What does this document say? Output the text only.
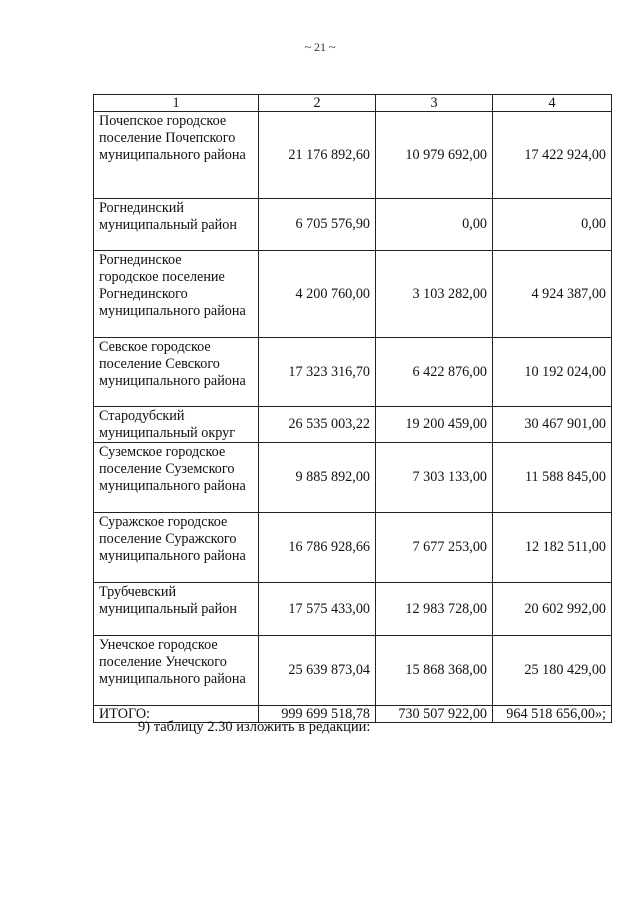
~ 21 ~
1	2	3	4

Почепское городское
поселение Почепского
муниципального района	21 176 892,60	10 979 692,00	17 422 924,00

Рогнединский
муниципальный район	6 705 576,90	0,00	0,00

Рогнединское
городское поселение
Рогнединского
муниципального района	4 200 760,00	3 103 282,00	4 924 387,00

Севское городское
поселение Севского
муниципального района	17 323 316,70	6 422 876,00	10 192 024,00

Стародубский
муниципальный округ	26 535 003,22	19 200 459,00	30 467 901,00

Суземское городское
поселение Суземского
муниципального района	9 885 892,00	7 303 133,00	11 588 845,00

Суражское городское
поселение Суражского
муниципального района	16 786 928,66	7 677 253,00	12 182 511,00

Трубчевский
муниципальный район	17 575 433,00	12 983 728,00	20 602 992,00

Унечское городское
поселение Унечского
муниципального района	25 639 873,04	15 868 368,00	25 180 429,00
ИТОГО:	999 699 518,78	730 507 922,00	964 518 656,00»;
9) таблицу 2.30 изложить в редакции:
